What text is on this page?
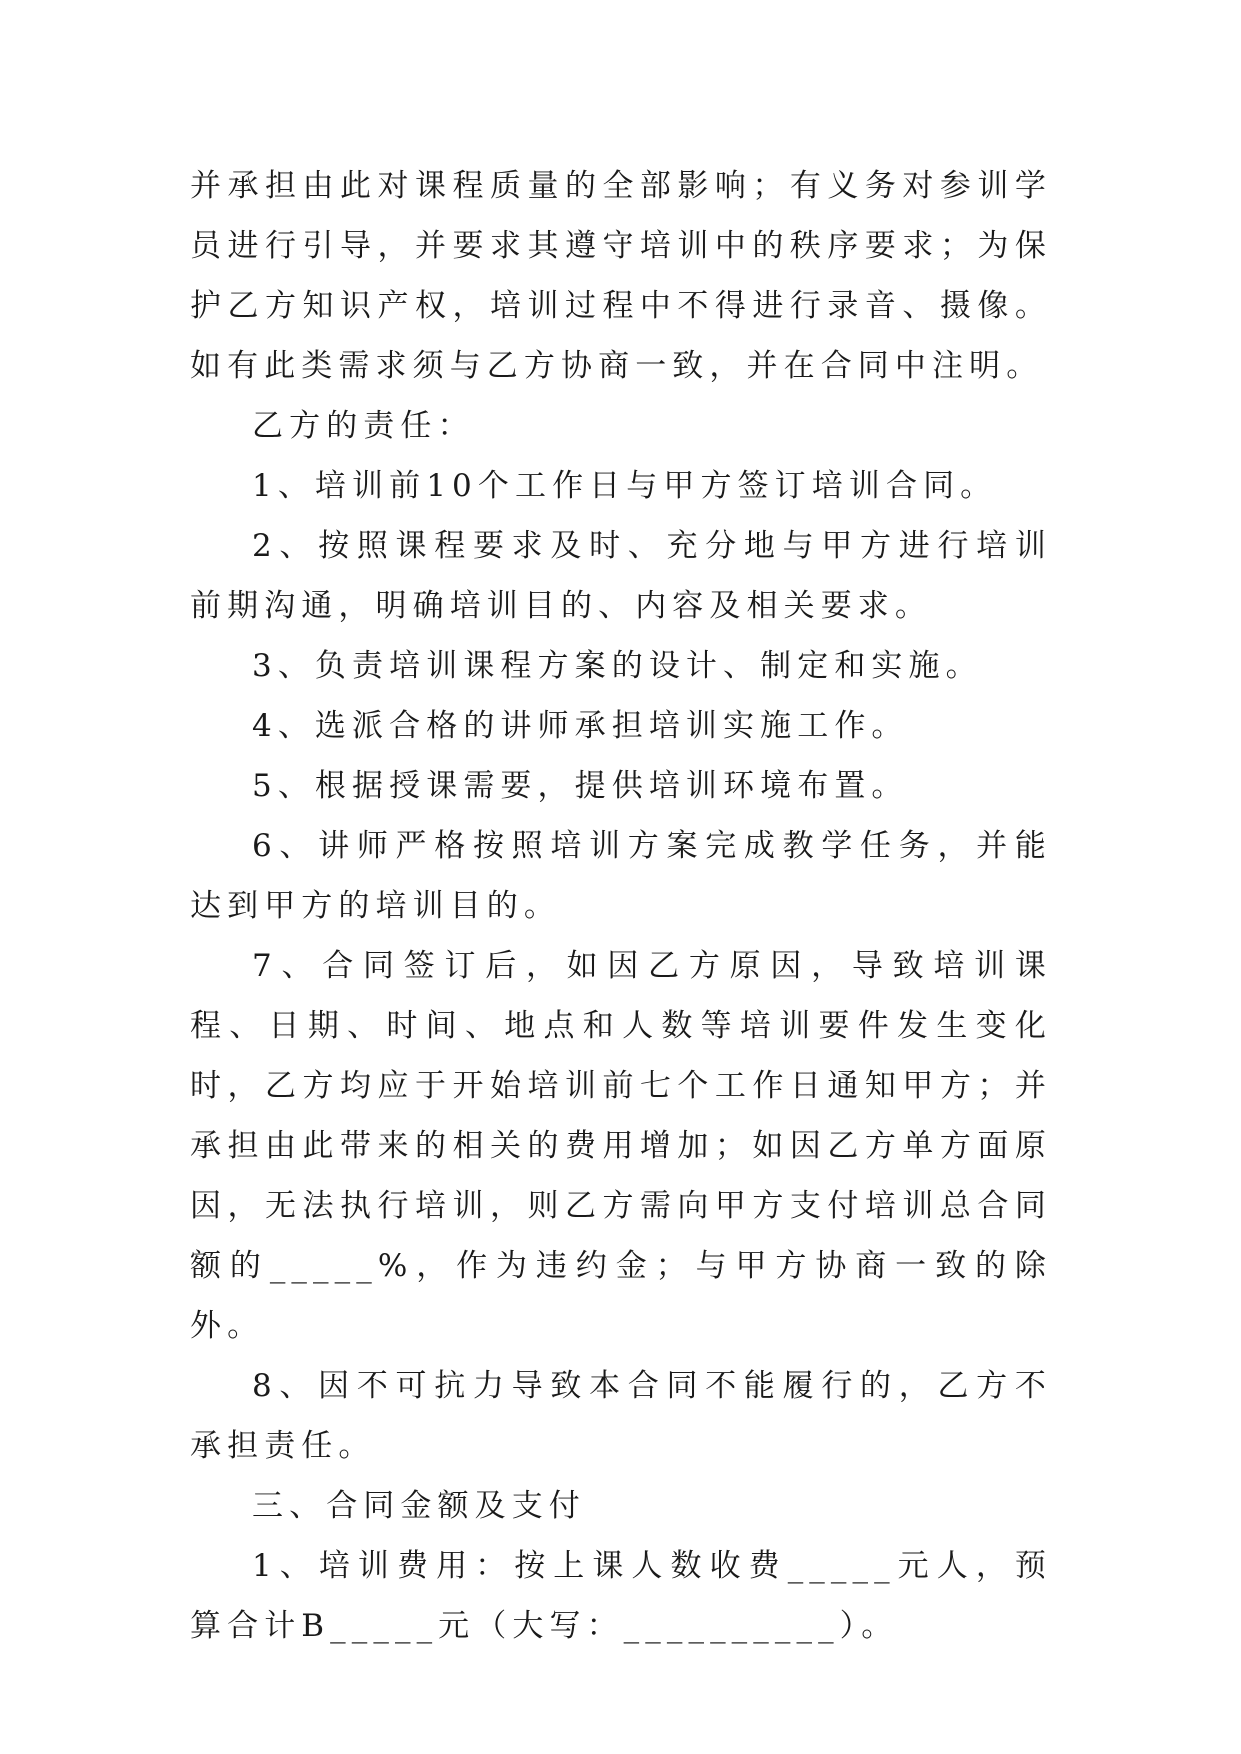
并承担由此对课程质量的全部影响；有义务对参训学员进行引导，并要求其遵守培训中的秩序要求；为保护乙方知识产权，培训过程中不得进行录音、摄像。如有此类需求须与乙方协商一致，并在合同中注明。

乙方的责任：

1、培训前10个工作日与甲方签订培训合同。

2、按照课程要求及时、充分地与甲方进行培训前期沟通，明确培训目的、内容及相关要求。

3、负责培训课程方案的设计、制定和实施。

4、选派合格的讲师承担培训实施工作。

5、根据授课需要，提供培训环境布置。

6、讲师严格按照培训方案完成教学任务，并能达到甲方的培训目的。

7、合同签订后，如因乙方原因，导致培训课程、日期、时间、地点和人数等培训要件发生变化时，乙方均应于开始培训前七个工作日通知甲方；并承担由此带来的相关的费用增加；如因乙方单方面原因，无法执行培训，则乙方需向甲方支付培训总合同额的_____%，作为违约金；与甲方协商一致的除外。

8、因不可抗力导致本合同不能履行的，乙方不承担责任。

三、合同金额及支付

1、培训费用：按上课人数收费_____元人，预算合计B_____元（大写：__________）。
